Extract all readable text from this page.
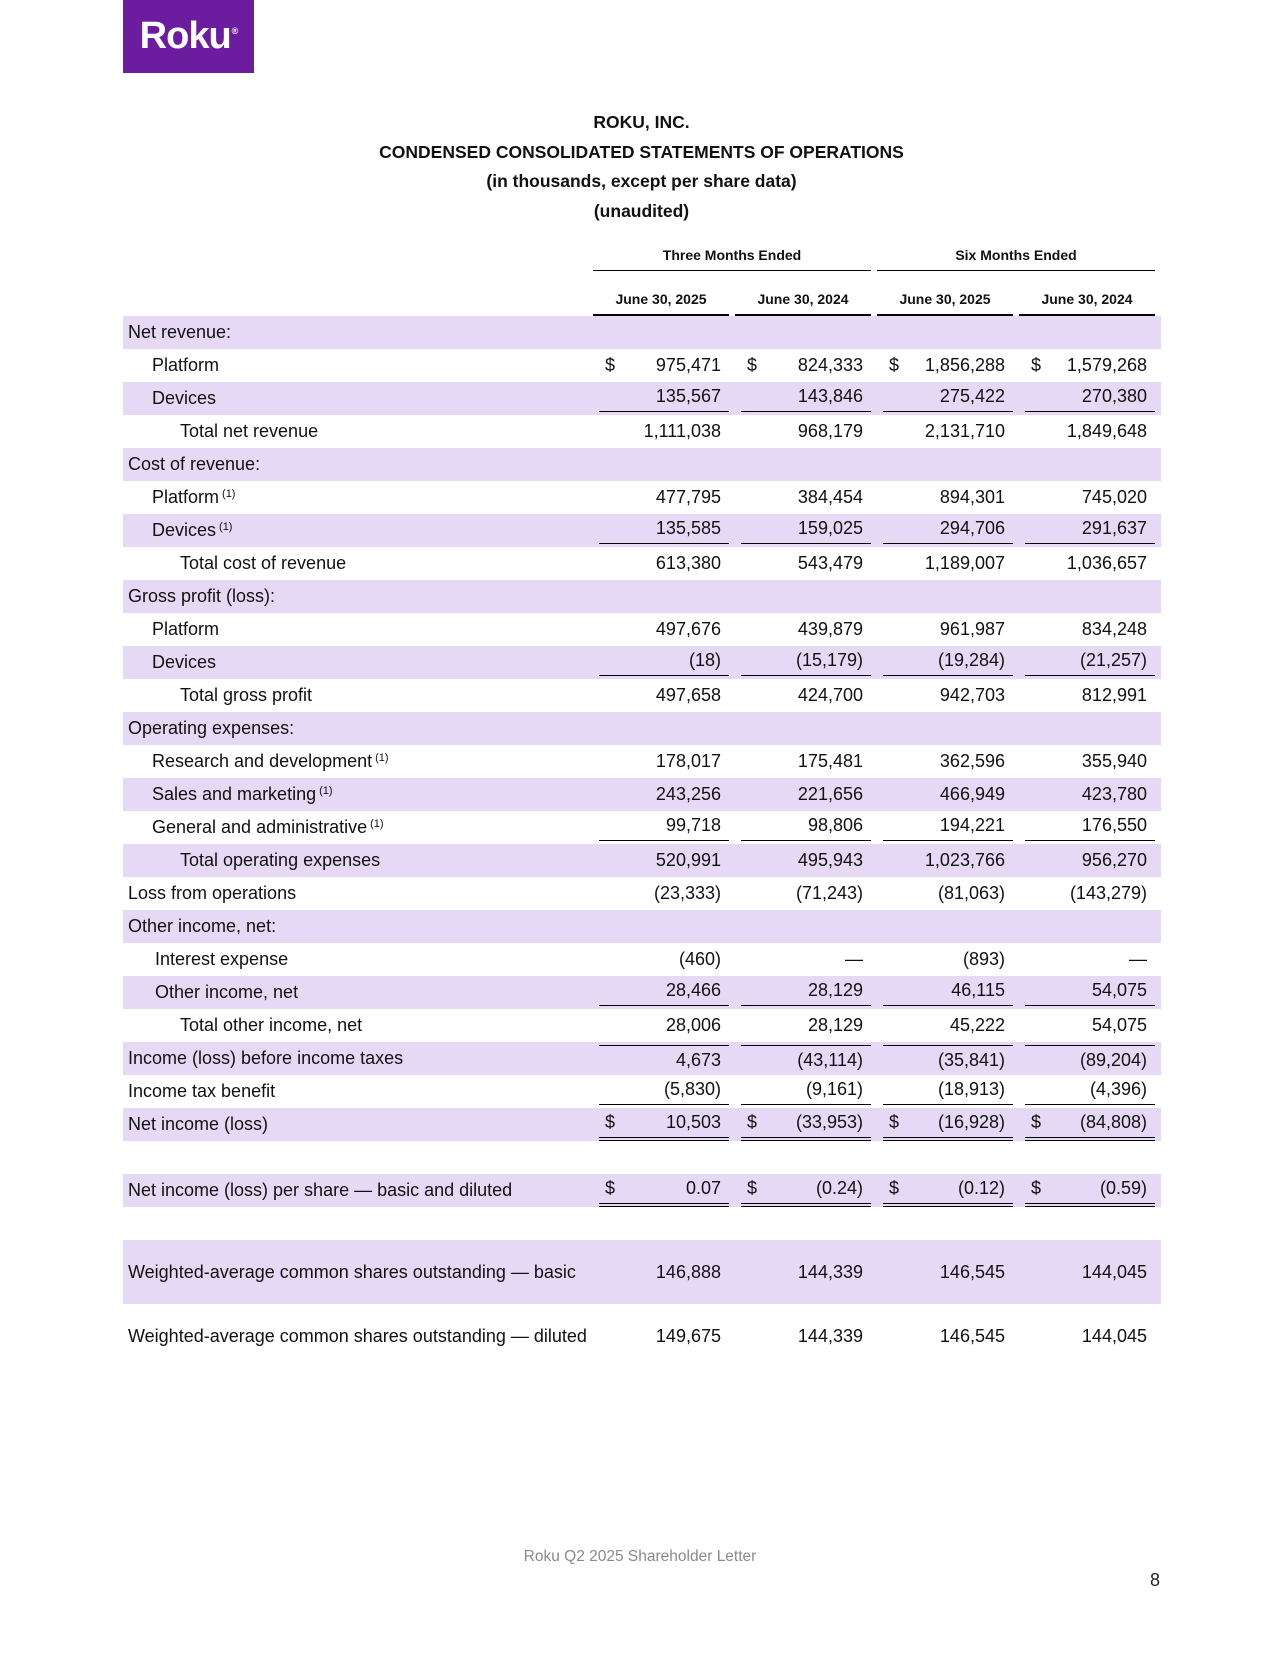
Roku®
ROKU, INC.
CONDENSED CONSOLIDATED STATEMENTS OF OPERATIONS
(in thousands, except per share data)
(unaudited)
Three Months Ended	Six Months Ended
June 30, 2025	June 30, 2024	June 30, 2025	June 30, 2024
Net revenue:	

Platform	$ 975,471	$ 824,333	$ 1,856,288	$ 1,579,268

Devices	135,567	143,846	275,422	270,380

Total net revenue	1,111,038	968,179	2,131,710	1,849,648

Cost of revenue:	

Platform $^{(1)}$	477,795	384,454	894,301	745,020

Devices $^{(1)}$	135,585	159,025	294,706	291,637

Total cost of revenue	613,380	543,479	1,189,007	1,036,657

Gross profit (loss):	

Platform	497,676	439,879	961,987	834,248

Devices	(18)	(15,179)	(19,284)	(21,257)

Total gross profit	497,658	424,700	942,703	812,991

Operating expenses:	

Research and development $^{(1)}$	178,017	175,481	362,596	355,940

Sales and marketing $^{(1)}$	243,256	221,656	466,949	423,780

General and administrative $^{(1)}$	99,718	98,806	194,221	176,550

Total operating expenses	520,991	495,943	1,023,766	956,270

Loss from operations	(23,333)	(71,243)	(81,063)	(143,279)

Other income, net:	

Interest expense	(460)	—	(893)	—

Other income, net	28,466	28,129	46,115	54,075

Total other income, net	28,006	28,129	45,222	54,075

Income (loss) before income taxes	4,673	(43,114)	(35,841)	(89,204)

Income tax benefit	(5,830)	(9,161)	(18,913)	(4,396)

Net income (loss)	$ 10,503	$ (33,953)	$ (16,928)	$ (84,808)

Net income (loss) per share — basic and diluted	$ 0.07	$ (0.24)	$ (0.12)	$ (0.59)

Weighted-average common shares outstanding — basic	146,888	144,339	146,545	144,045

Weighted-average common shares outstanding — diluted	149,675	144,339	146,545	144,045
Roku Q2 2025 Shareholder Letter
8
